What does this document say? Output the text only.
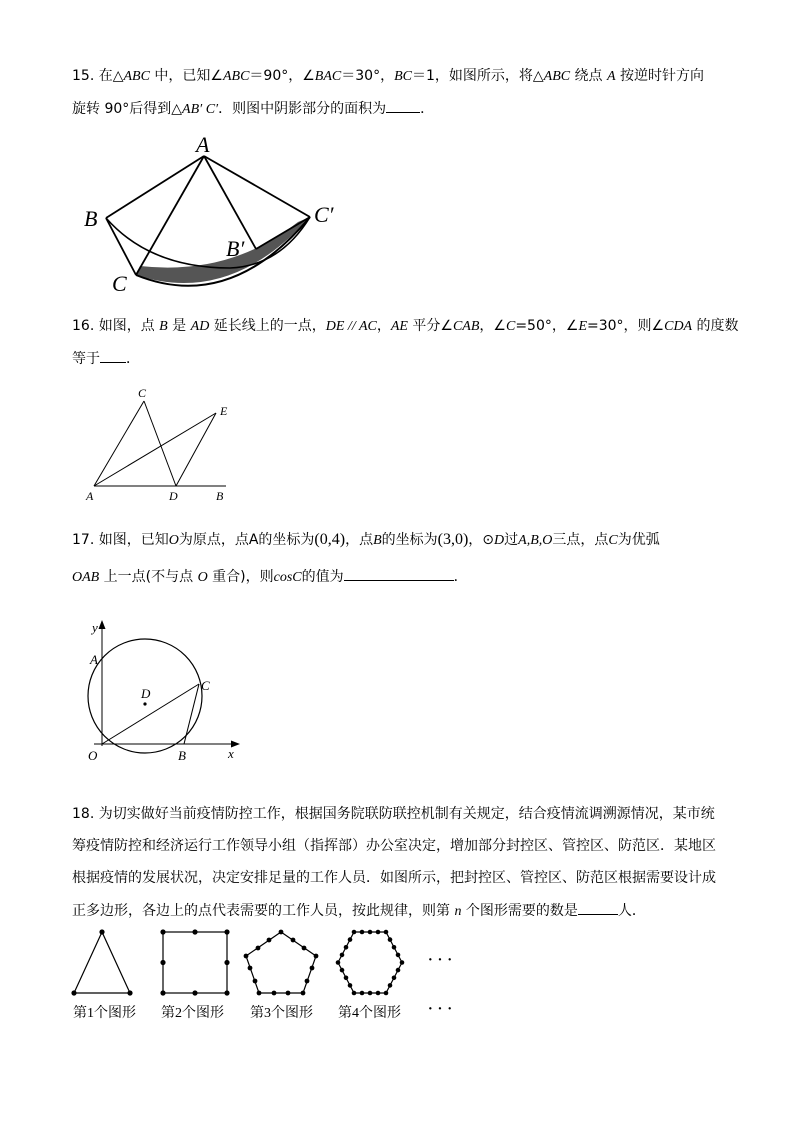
15. 在△ABC 中，已知∠ABC＝90°，∠BAC＝30°，BC＝1，如图所示，将△ABC 绕点 A 按逆时针方向
旋转 90°后得到△AB′ C′．则图中阴影部分的面积为 ．
A
B
C
B′
C′
16. 如图，点 B 是 AD 延长线上的一点，DE // AC，AE 平分∠CAB，∠C=50°，∠E=30°，则∠CDA 的度数
等于 ．
C
E
A	D	B
17. 如图，已知O为原点，点A的坐标为(0,4)，点B的坐标为(3,0)，⊙D过A,B,O三点，点C为优弧
OAB 上一点(不与点 O 重合)，则cosC的值为	．
y
A
D
C
O	B	x
18. 为切实做好当前疫情防控工作，根据国务院联防联控机制有关规定，结合疫情流调溯源情况，某市统
筹疫情防控和经济运行工作领导小组（指挥部）办公室决定，增加部分封控区、管控区、防范区．某地区
根据疫情的发展状况，决定安排足量的工作人员．如图所示，把封控区、管控区、防范区根据需要设计成
正多边形，各边上的点代表需要的工作人员，按此规律，则第 n 个图形需要的数是	人．
···
第1个图形 第2个图形 第3个图形 第4个图形 ···
